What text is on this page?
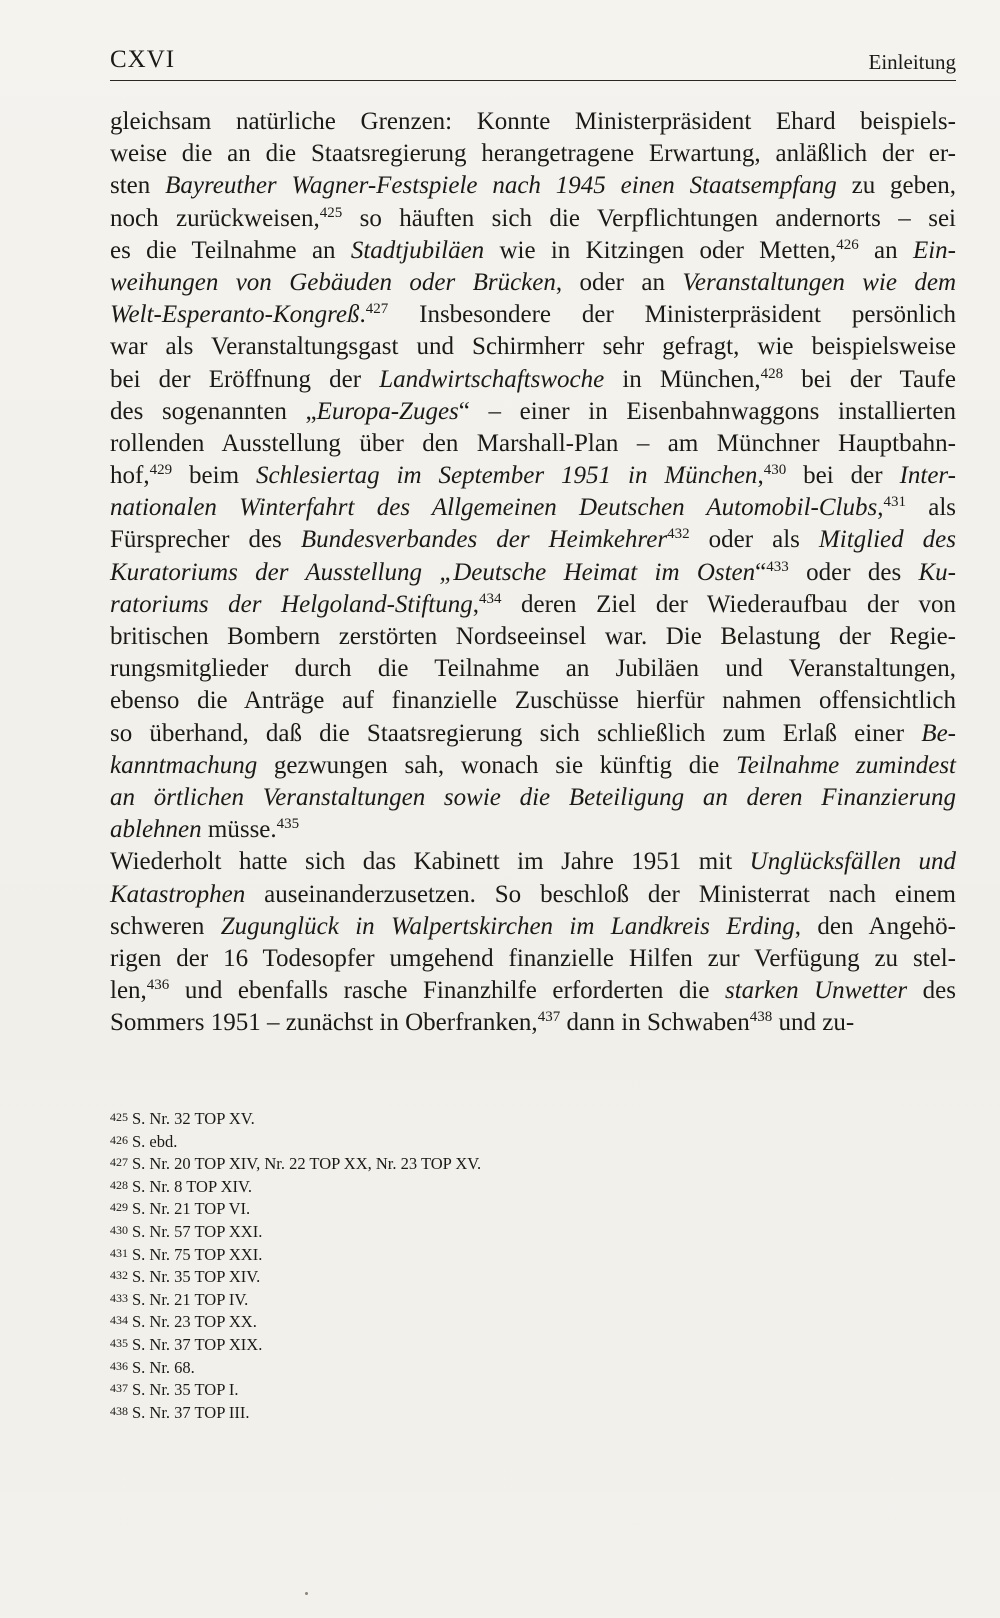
CXVI	Einleitung
gleichsam natürliche Grenzen: Konnte Ministerpräsident Ehard beispiels-
weise die an die Staatsregierung herangetragene Erwartung, anläßlich der er-
sten Bayreuther Wagner-Festspiele nach 1945 einen Staatsempfang zu geben,
noch zurückweisen,$^{425}$ so häuften sich die Verpflichtungen andernorts – sei
es die Teilnahme an Stadtjubiläen wie in Kitzingen oder Metten,$^{426}$ an Ein-
weihungen von Gebäuden oder Brücken, oder an Veranstaltungen wie dem
Welt-Esperanto-Kongreß.$^{427}$ Insbesondere der Ministerpräsident persönlich
war als Veranstaltungsgast und Schirmherr sehr gefragt, wie beispielsweise
bei der Eröffnung der Landwirtschaftswoche in München,$^{428}$ bei der Taufe
des sogenannten „Europa-Zuges“ – einer in Eisenbahnwaggons installierten
rollenden Ausstellung über den Marshall-Plan – am Münchner Hauptbahn-
hof,$^{429}$ beim Schlesiertag im September 1951 in München,$^{430}$ bei der Inter-
nationalen Winterfahrt des Allgemeinen Deutschen Automobil-Clubs,$^{431}$ als
Fürsprecher des Bundesverbandes der Heimkehrer$^{432}$ oder als Mitglied des
Kuratoriums der Ausstellung „Deutsche Heimat im Osten“$^{433}$ oder des Ku-
ratoriums der Helgoland-Stiftung,$^{434}$ deren Ziel der Wiederaufbau der von
britischen Bombern zerstörten Nordseeinsel war. Die Belastung der Regie-
rungsmitglieder durch die Teilnahme an Jubiläen und Veranstaltungen,
ebenso die Anträge auf finanzielle Zuschüsse hierfür nahmen offensichtlich
so überhand, daß die Staatsregierung sich schließlich zum Erlaß einer Be-
kanntmachung gezwungen sah, wonach sie künftig die Teilnahme zumindest
an örtlichen Veranstaltungen sowie die Beteiligung an deren Finanzierung
ablehnen müsse.$^{435}$
Wiederholt hatte sich das Kabinett im Jahre 1951 mit Unglücksfällen und
Katastrophen auseinanderzusetzen. So beschloß der Ministerrat nach einem
schweren Zugunglück in Walpertskirchen im Landkreis Erding, den Angehö-
rigen der 16 Todesopfer umgehend finanzielle Hilfen zur Verfügung zu stel-
len,$^{436}$ und ebenfalls rasche Finanzhilfe erforderten die starken Unwetter des
Sommers 1951 – zunächst in Oberfranken,$^{437}$ dann in Schwaben$^{438}$ und zu-
425 S. Nr. 32 TOP XV.
426 S. ebd.
427 S. Nr. 20 TOP XIV, Nr. 22 TOP XX, Nr. 23 TOP XV.
428 S. Nr. 8 TOP XIV.
429 S. Nr. 21 TOP VI.
430 S. Nr. 57 TOP XXI.
431 S. Nr. 75 TOP XXI.
432 S. Nr. 35 TOP XIV.
433 S. Nr. 21 TOP IV.
434 S. Nr. 23 TOP XX.
435 S. Nr. 37 TOP XIX.
436 S. Nr. 68.
437 S. Nr. 35 TOP I.
438 S. Nr. 37 TOP III.
